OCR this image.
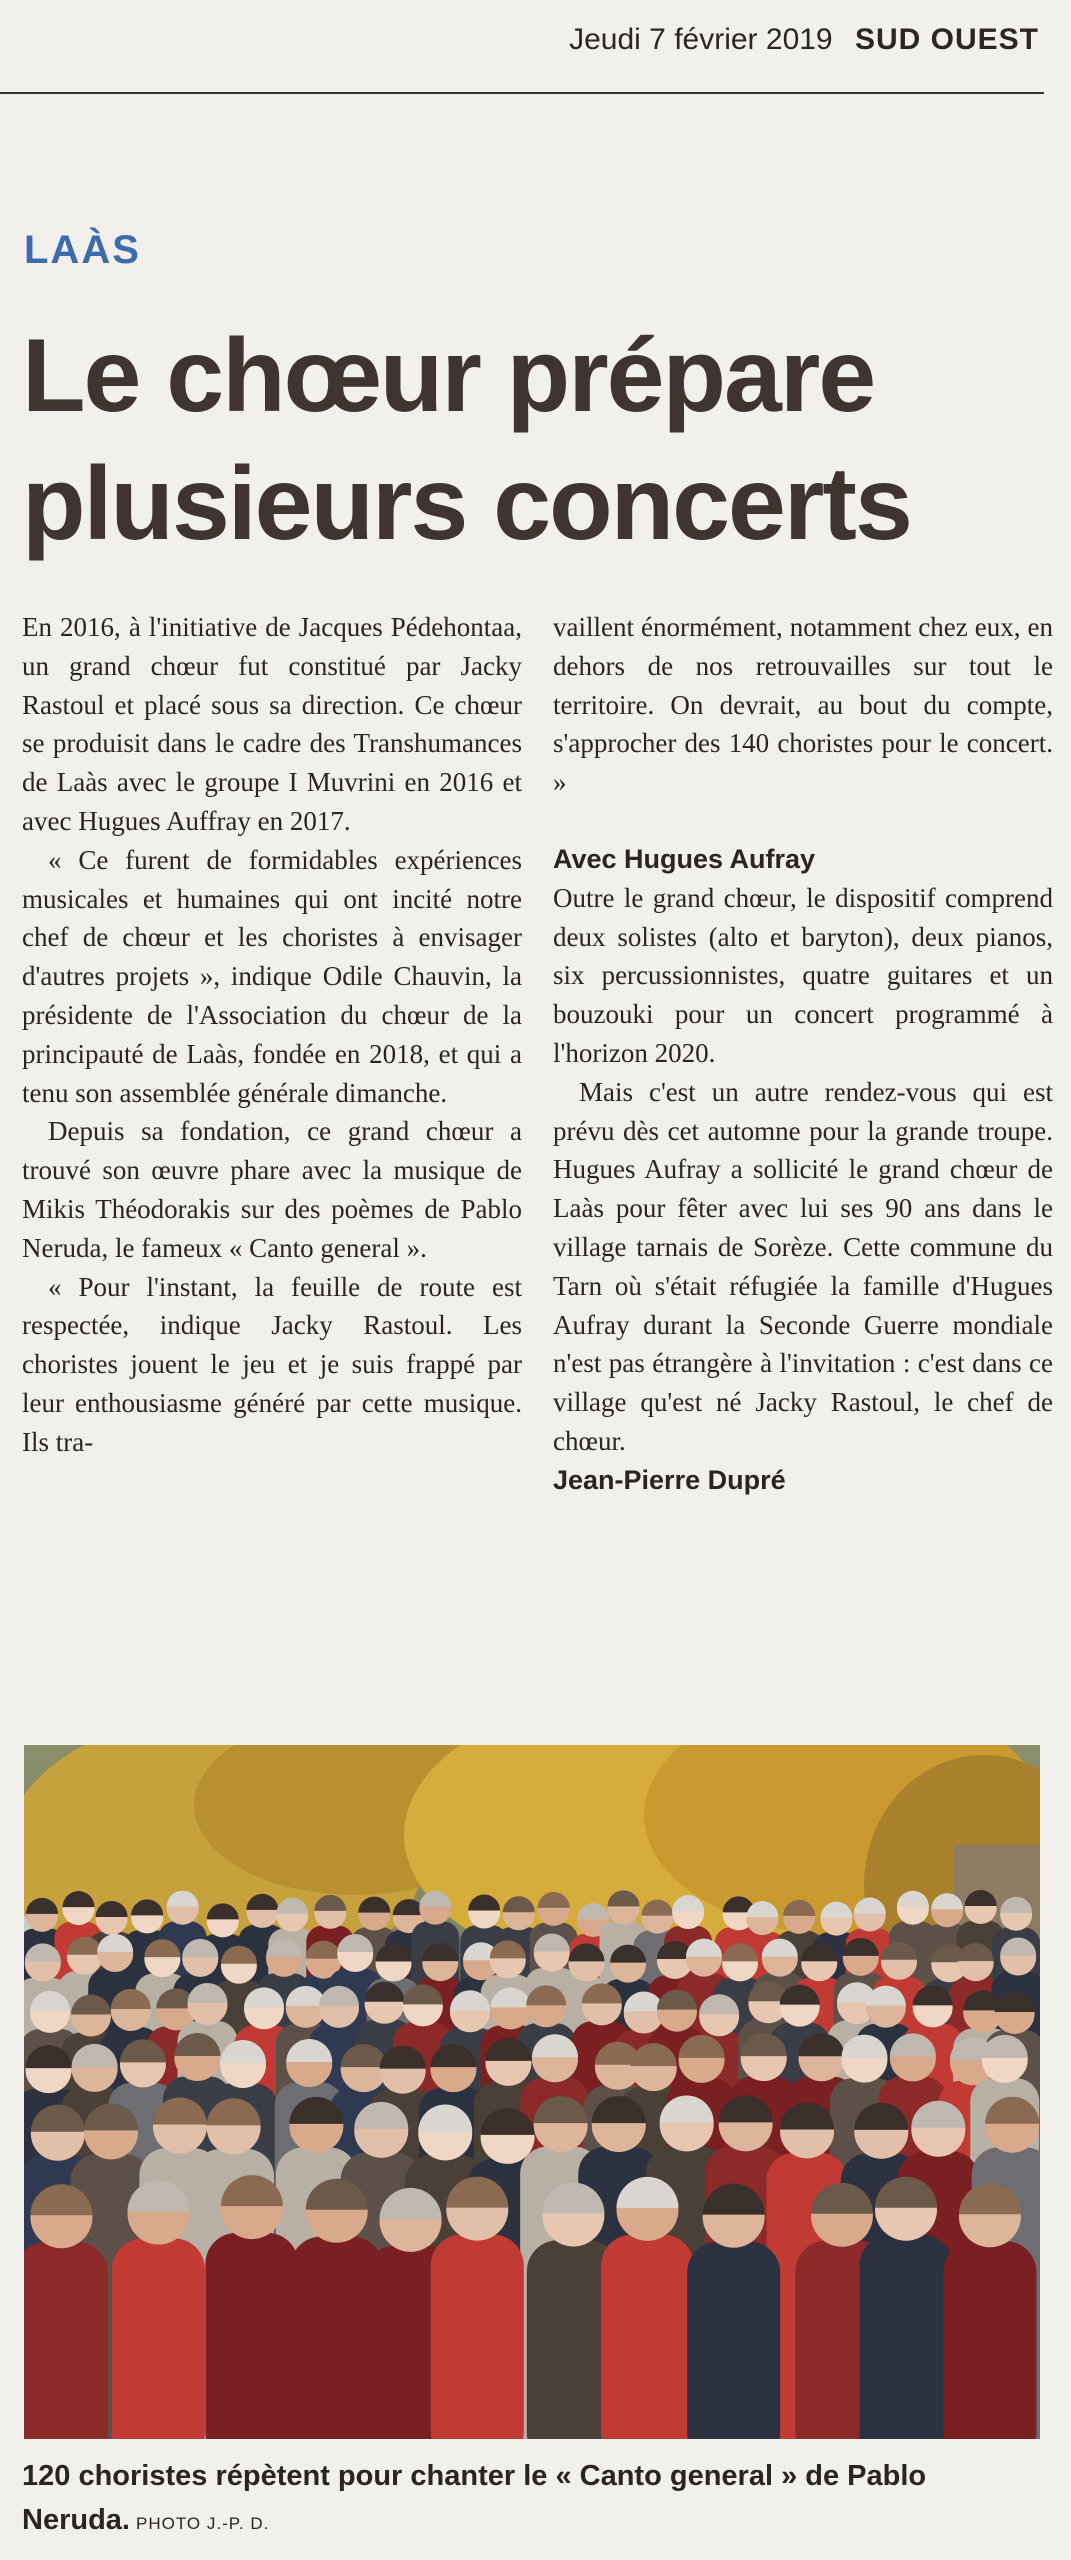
Jeudi 7 février 2019 SUD OUEST
LAÀS
Le chœur prépare plusieurs concerts

En 2016, à l'initiative de Jacques Pédehontaa, un grand chœur fut constitué par Jacky Rastoul et placé sous sa direction. Ce chœur se produisit dans le cadre des Transhumances de Laàs avec le groupe I Muvrini en 2016 et avec Hugues Auffray en 2017.

« Ce furent de formidables expériences musicales et humaines qui ont incité notre chef de chœur et les choristes à envisager d'autres projets », indique Odile Chauvin, la présidente de l'Association du chœur de la principauté de Laàs, fondée en 2018, et qui a tenu son assemblée générale dimanche.

Depuis sa fondation, ce grand chœur a trouvé son œuvre phare avec la musique de Mikis Théodorakis sur des poèmes de Pablo Neruda, le fameux « Canto general ».

« Pour l'instant, la feuille de route est respectée, indique Jacky Rastoul. Les choristes jouent le jeu et je suis frappé par leur enthousiasme généré par cette musique. Ils tra-

vaillent énormément, notamment chez eux, en dehors de nos retrouvailles sur tout le territoire. On devrait, au bout du compte, s'approcher des 140 choristes pour le concert. »

Avec Hugues Aufray

Outre le grand chœur, le dispositif comprend deux solistes (alto et baryton), deux pianos, six percussionnistes, quatre guitares et un bouzouki pour un concert programmé à l'horizon 2020.

Mais c'est un autre rendez-vous qui est prévu dès cet automne pour la grande troupe. Hugues Aufray a sollicité le grand chœur de Laàs pour fêter avec lui ses 90 ans dans le village tarnais de Sorèze. Cette commune du Tarn où s'était réfugiée la famille d'Hugues Aufray durant la Seconde Guerre mondiale n'est pas étrangère à l'invitation : c'est dans ce village qu'est né Jacky Rastoul, le chef de chœur.

Jean-Pierre Dupré
120 choristes répètent pour chanter le « Canto general » de Pablo Neruda. PHOTO J.-P. D.
